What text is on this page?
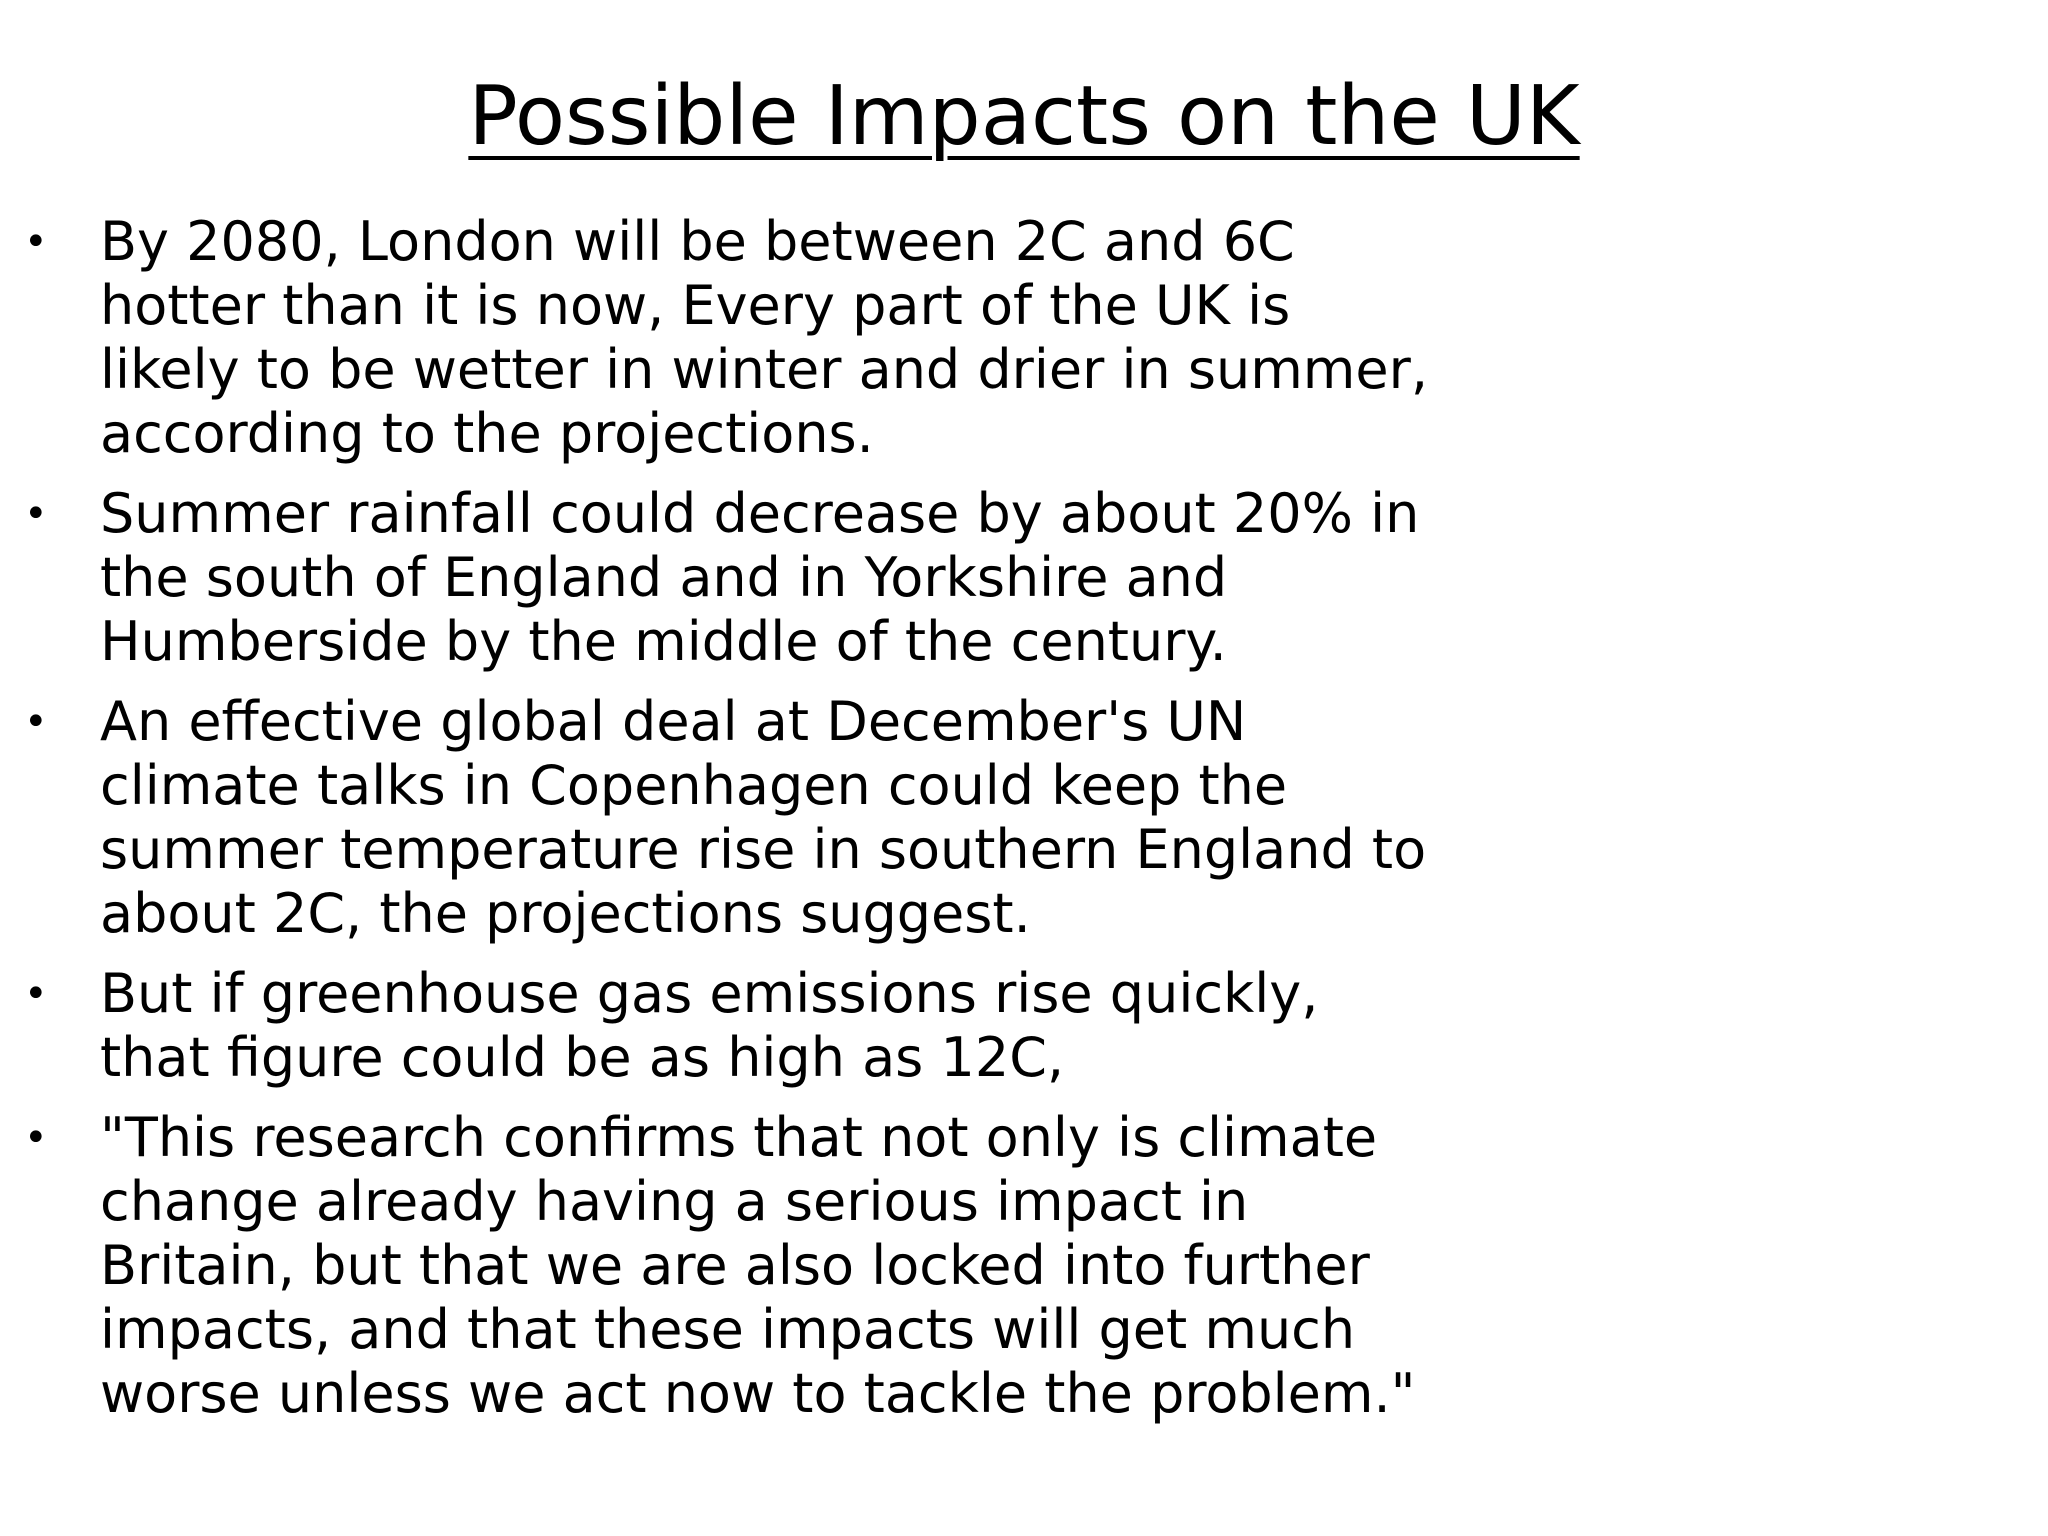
Possible Impacts on the UK
• By 2080, London will be between 2C and 6C hotter than it is now, Every part of the UK is likely to be wetter in winter and drier in summer, according to the projections.
• Summer rainfall could decrease by about 20% in the south of England and in Yorkshire and Humberside by the middle of the century.
• An effective global deal at December's UN climate talks in Copenhagen could keep the summer temperature rise in southern England to about 2C, the projections suggest.
• But if greenhouse gas emissions rise quickly, that figure could be as high as 12C,
• "This research confirms that not only is climate change already having a serious impact in Britain, but that we are also locked into further impacts, and that these impacts will get much worse unless we act now to tackle the problem."
